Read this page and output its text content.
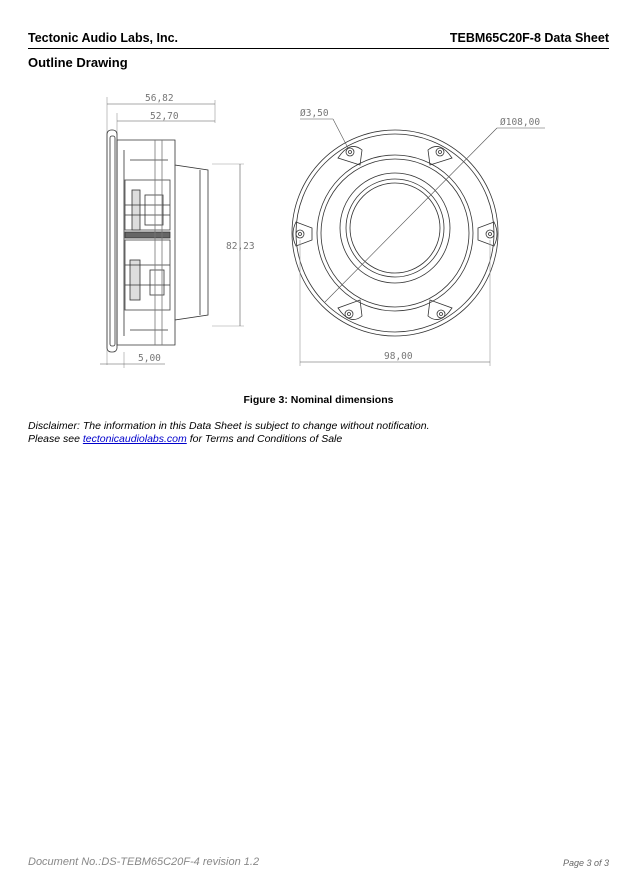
Tectonic Audio Labs, Inc.	TEBM65C20F-8 Data Sheet
Outline Drawing
56,82
52,70
82,23
5,00
Ø3,50
Ø108,00
98,00
Figure 3: Nominal dimensions
Disclaimer: The information in this Data Sheet is subject to change without notification.
Please see tectonicaudiolabs.com for Terms and Conditions of Sale
Document No.:DS-TEBM65C20F-4 revision 1.2	Page 3 of 3
